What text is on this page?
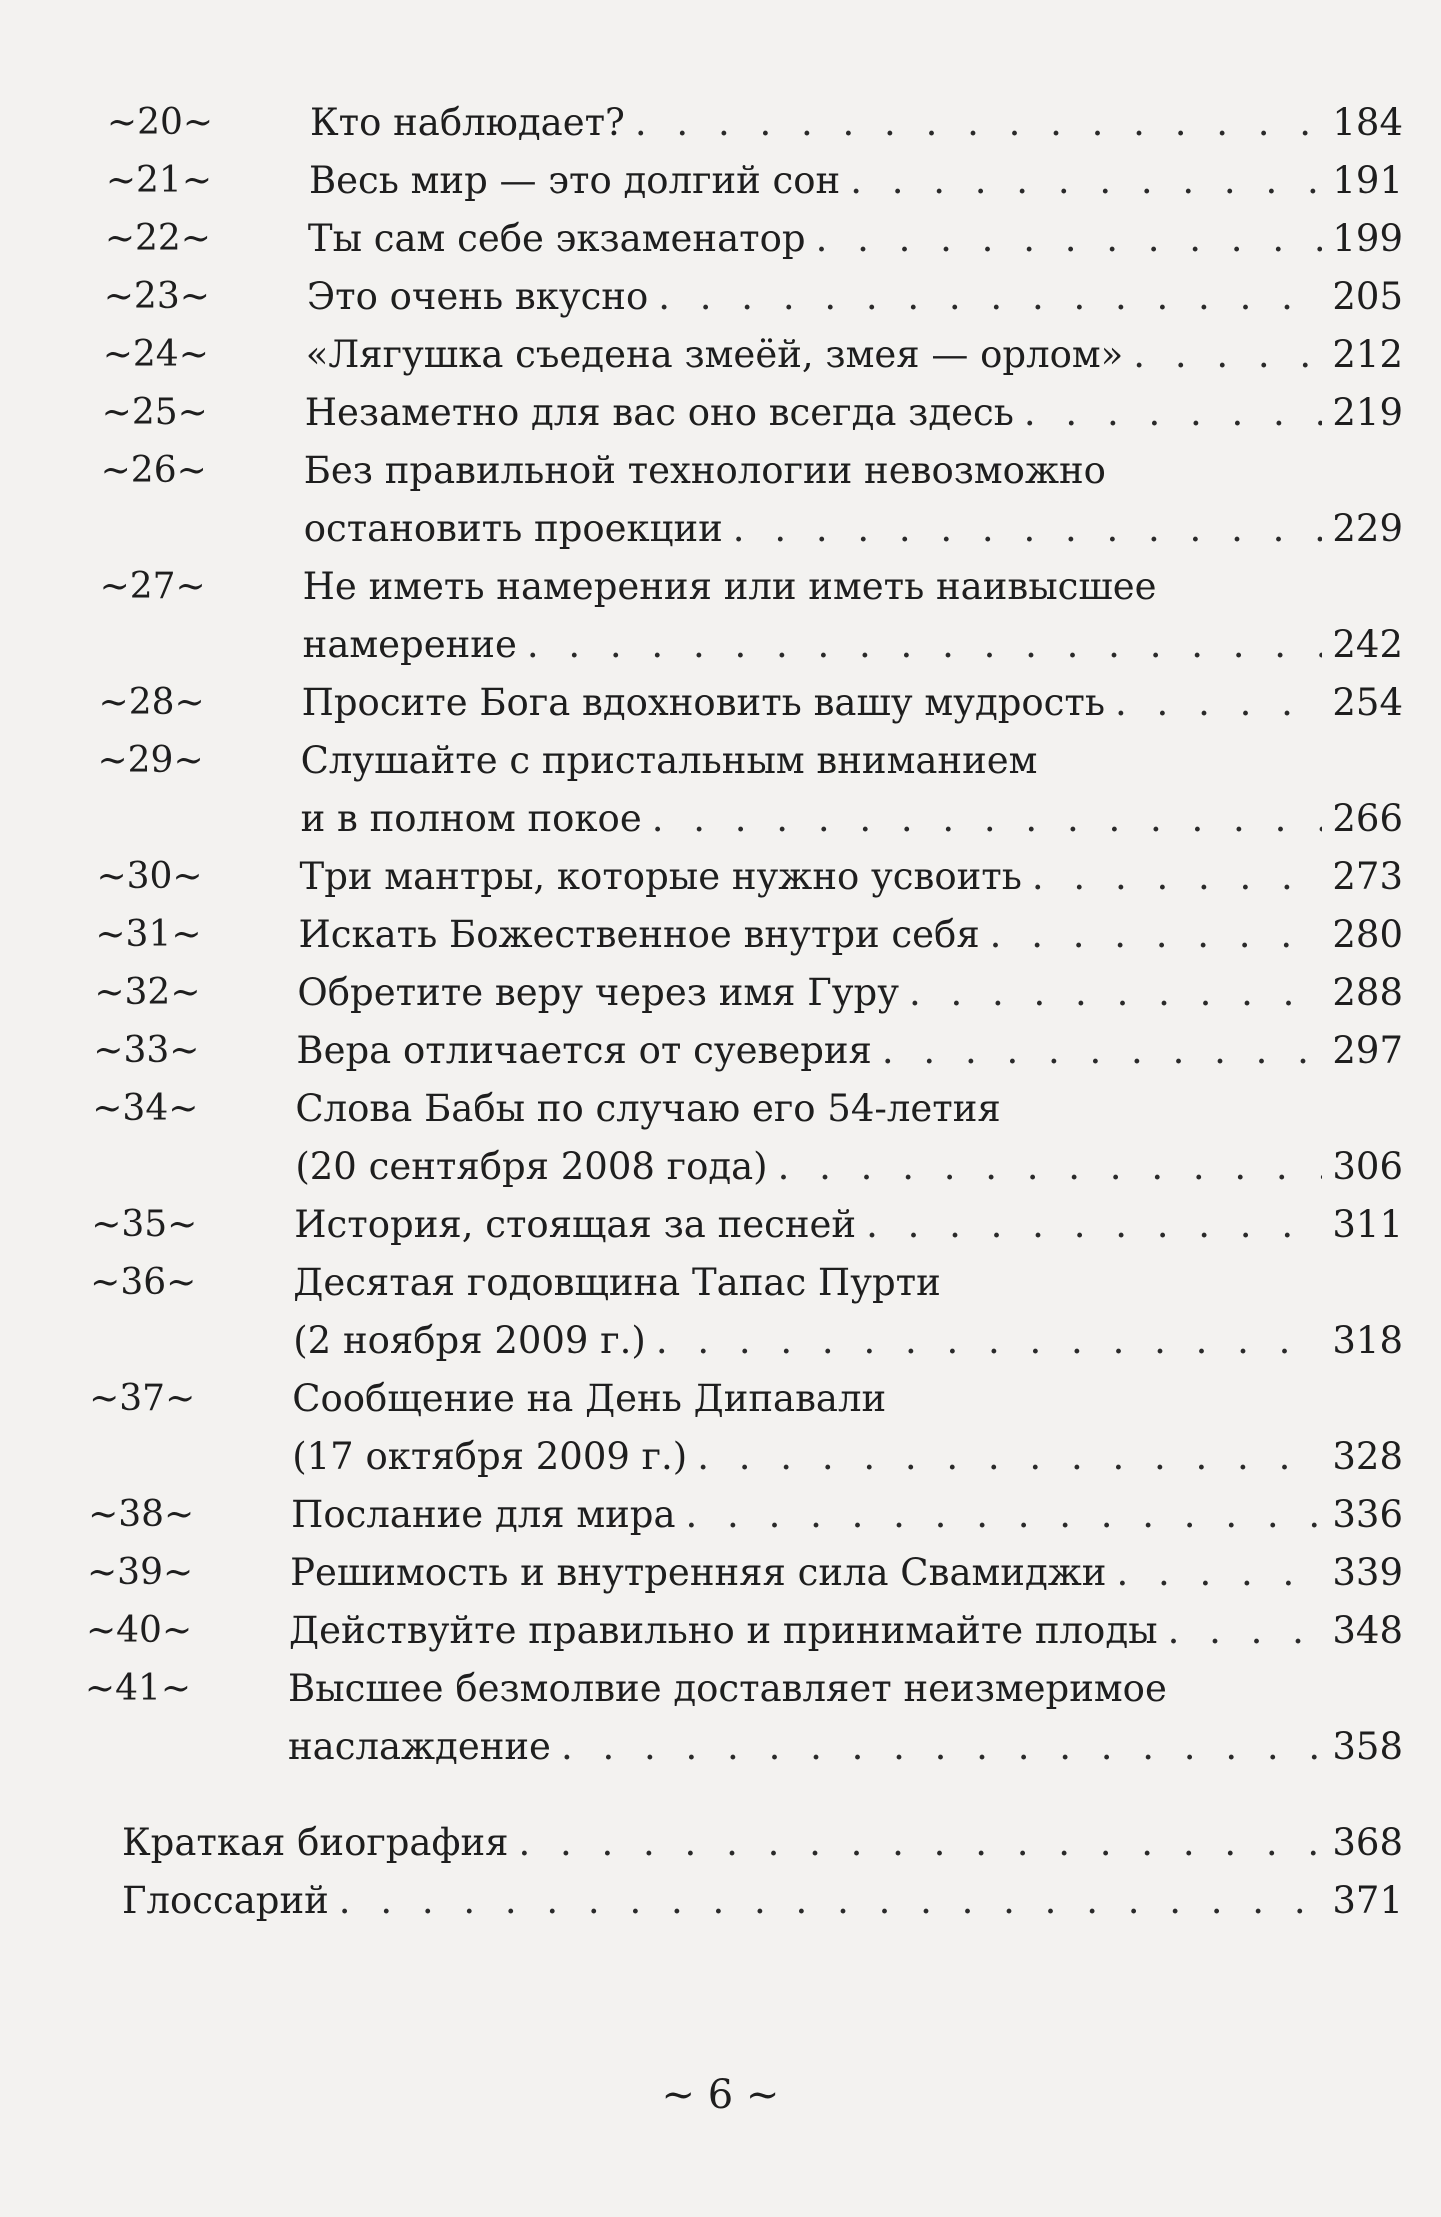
~20~	Кто наблюдает? . . .	184
~21~	Весь мир — это долгий сон . . .	191
~22~	Ты сам себе экзаменатор . . .	199
~23~	Это очень вкусно . . .	205
~24~	«Лягушка съедена змеёй, змея — орлом» . . .	212
~25~	Незаметно для вас оно всегда здесь . . .	219
~26~	Без правильной технологии невозможно
остановить проекции . . .	229
~27~	Не иметь намерения или иметь наивысшее
намерение . . .	242
~28~	Просите Бога вдохновить вашу мудрость . . .	254
~29~	Слушайте с пристальным вниманием
и в полном покое . . .	266
~30~	Три мантры, которые нужно усвоить . . .	273
~31~	Искать Божественное внутри себя . . .	280
~32~	Обретите веру через имя Гуру . . .	288
~33~	Вера отличается от суеверия . . .	297
~34~	Слова Бабы по случаю его 54-летия
(20 сентября 2008 года) . . .	306
~35~	История, стоящая за песней . . .	311
~36~	Десятая годовщина Тапас Пурти
(2 ноября 2009 г.) . . .	318
~37~	Сообщение на День Дипавали
(17 октября 2009 г.) . . .	328
~38~	Послание для мира . . .	336
~39~	Решимость и внутренняя сила Свамиджи . . .	339
~40~	Действуйте правильно и принимайте плоды . . .	348
~41~	Высшее безмолвие доставляет неизмеримое
наслаждение . . .	358
Краткая биография . . .	368
Глоссарий . . .	371
~ 6 ~
